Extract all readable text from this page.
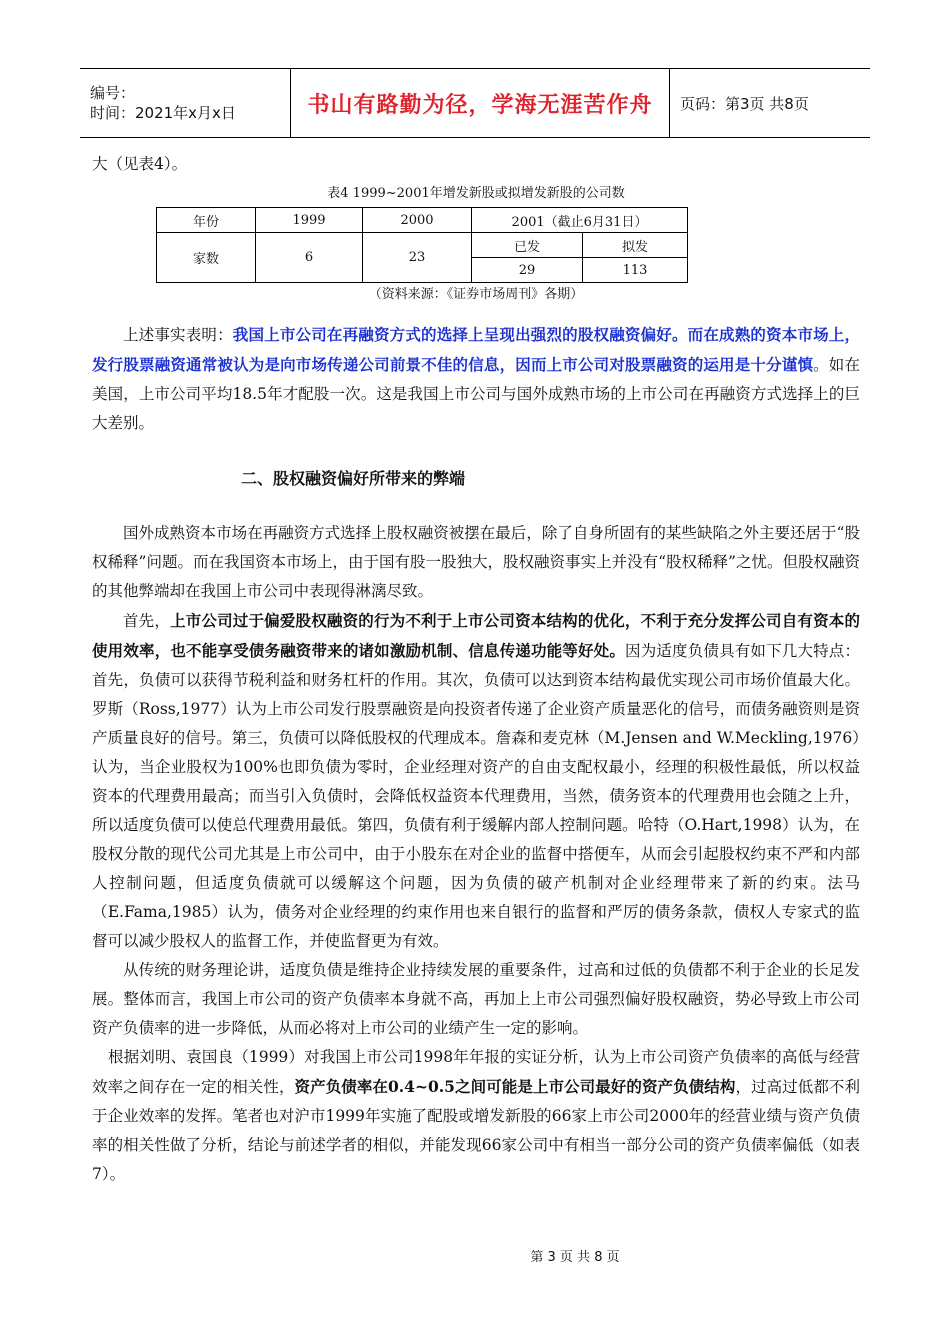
编号：
时间：2021年x月x日	书山有路勤为径，学海无涯苦作舟 页码：第3页 共8页

大（见表4）。

表4 1999~2001年增发新股或拟增发新股的公司数

年份	1999	2000	2001（截止6月31日）	
家数	6	23	已发	拟发
			29	113

（资料来源：《证券市场周刊》各期）

上述事实表明：我国上市公司在再融资方式的选择上呈现出强烈的股权融资偏好。而在成熟的资本市场上，发行股票融资通常被认为是向市场传递公司前景不佳的信息，因而上市公司对股票融资的运用是十分谨慎。如在美国，上市公司平均18.5年才配股一次。这是我国上市公司与国外成熟市场的上市公司在再融资方式选择上的巨大差别。

二、股权融资偏好所带来的弊端

国外成熟资本市场在再融资方式选择上股权融资被摆在最后，除了自身所固有的某些缺陷之外主要还居于“股权稀释”问题。而在我国资本市场上，由于国有股一股独大，股权融资事实上并没有“股权稀释”之忧。但股权融资的其他弊端却在我国上市公司中表现得淋漓尽致。

首先，上市公司过于偏爱股权融资的行为不利于上市公司资本结构的优化，不利于充分发挥公司自有资本的使用效率，也不能享受债务融资带来的诸如激励机制、信息传递功能等好处。因为适度负债具有如下几大特点：首先，负债可以获得节税利益和财务杠杆的作用。其次，负债可以达到资本结构最优实现公司市场价值最大化。罗斯（Ross,1977）认为上市公司发行股票融资是向投资者传递了企业资产质量恶化的信号，而债务融资则是资产质量良好的信号。第三，负债可以降低股权的代理成本。詹森和麦克林（M.Jensen and W.Meckling,1976）认为，当企业股权为100%也即负债为零时，企业经理对资产的自由支配权最小，经理的积极性最低，所以权益资本的代理费用最高；而当引入负债时，会降低权益资本代理费用，当然，债务资本的代理费用也会随之上升，所以适度负债可以使总代理费用最低。第四，负债有利于缓解内部人控制问题。哈特（O.Hart,1998）认为，在股权分散的现代公司尤其是上市公司中，由于小股东在对企业的监督中搭便车，从而会引起股权约束不严和内部人控制问题，但适度负债就可以缓解这个问题，因为负债的破产机制对企业经理带来了新的约束。法马（E.Fama,1985）认为，债务对企业经理的约束作用也来自银行的监督和严厉的债务条款，债权人专家式的监督可以减少股权人的监督工作，并使监督更为有效。

从传统的财务理论讲，适度负债是维持企业持续发展的重要条件，过高和过低的负债都不利于企业的长足发展。整体而言，我国上市公司的资产负债率本身就不高，再加上上市公司强烈偏好股权融资，势必导致上市公司资产负债率的进一步降低，从而必将对上市公司的业绩产生一定的影响。

根据刘明、袁国良（1999）对我国上市公司1998年年报的实证分析，认为上市公司资产负债率的高低与经营效率之间存在一定的相关性，资产负债率在0.4~0.5之间可能是上市公司最好的资产负债结构，过高过低都不利于企业效率的发挥。笔者也对沪市1999年实施了配股或增发新股的66家上市公司2000年的经营业绩与资产负债率的相关性做了分析，结论与前述学者的相似，并能发现66家公司中有相当一部分公司的资产负债率偏低（如表7）。

第 3 页 共 8 页
